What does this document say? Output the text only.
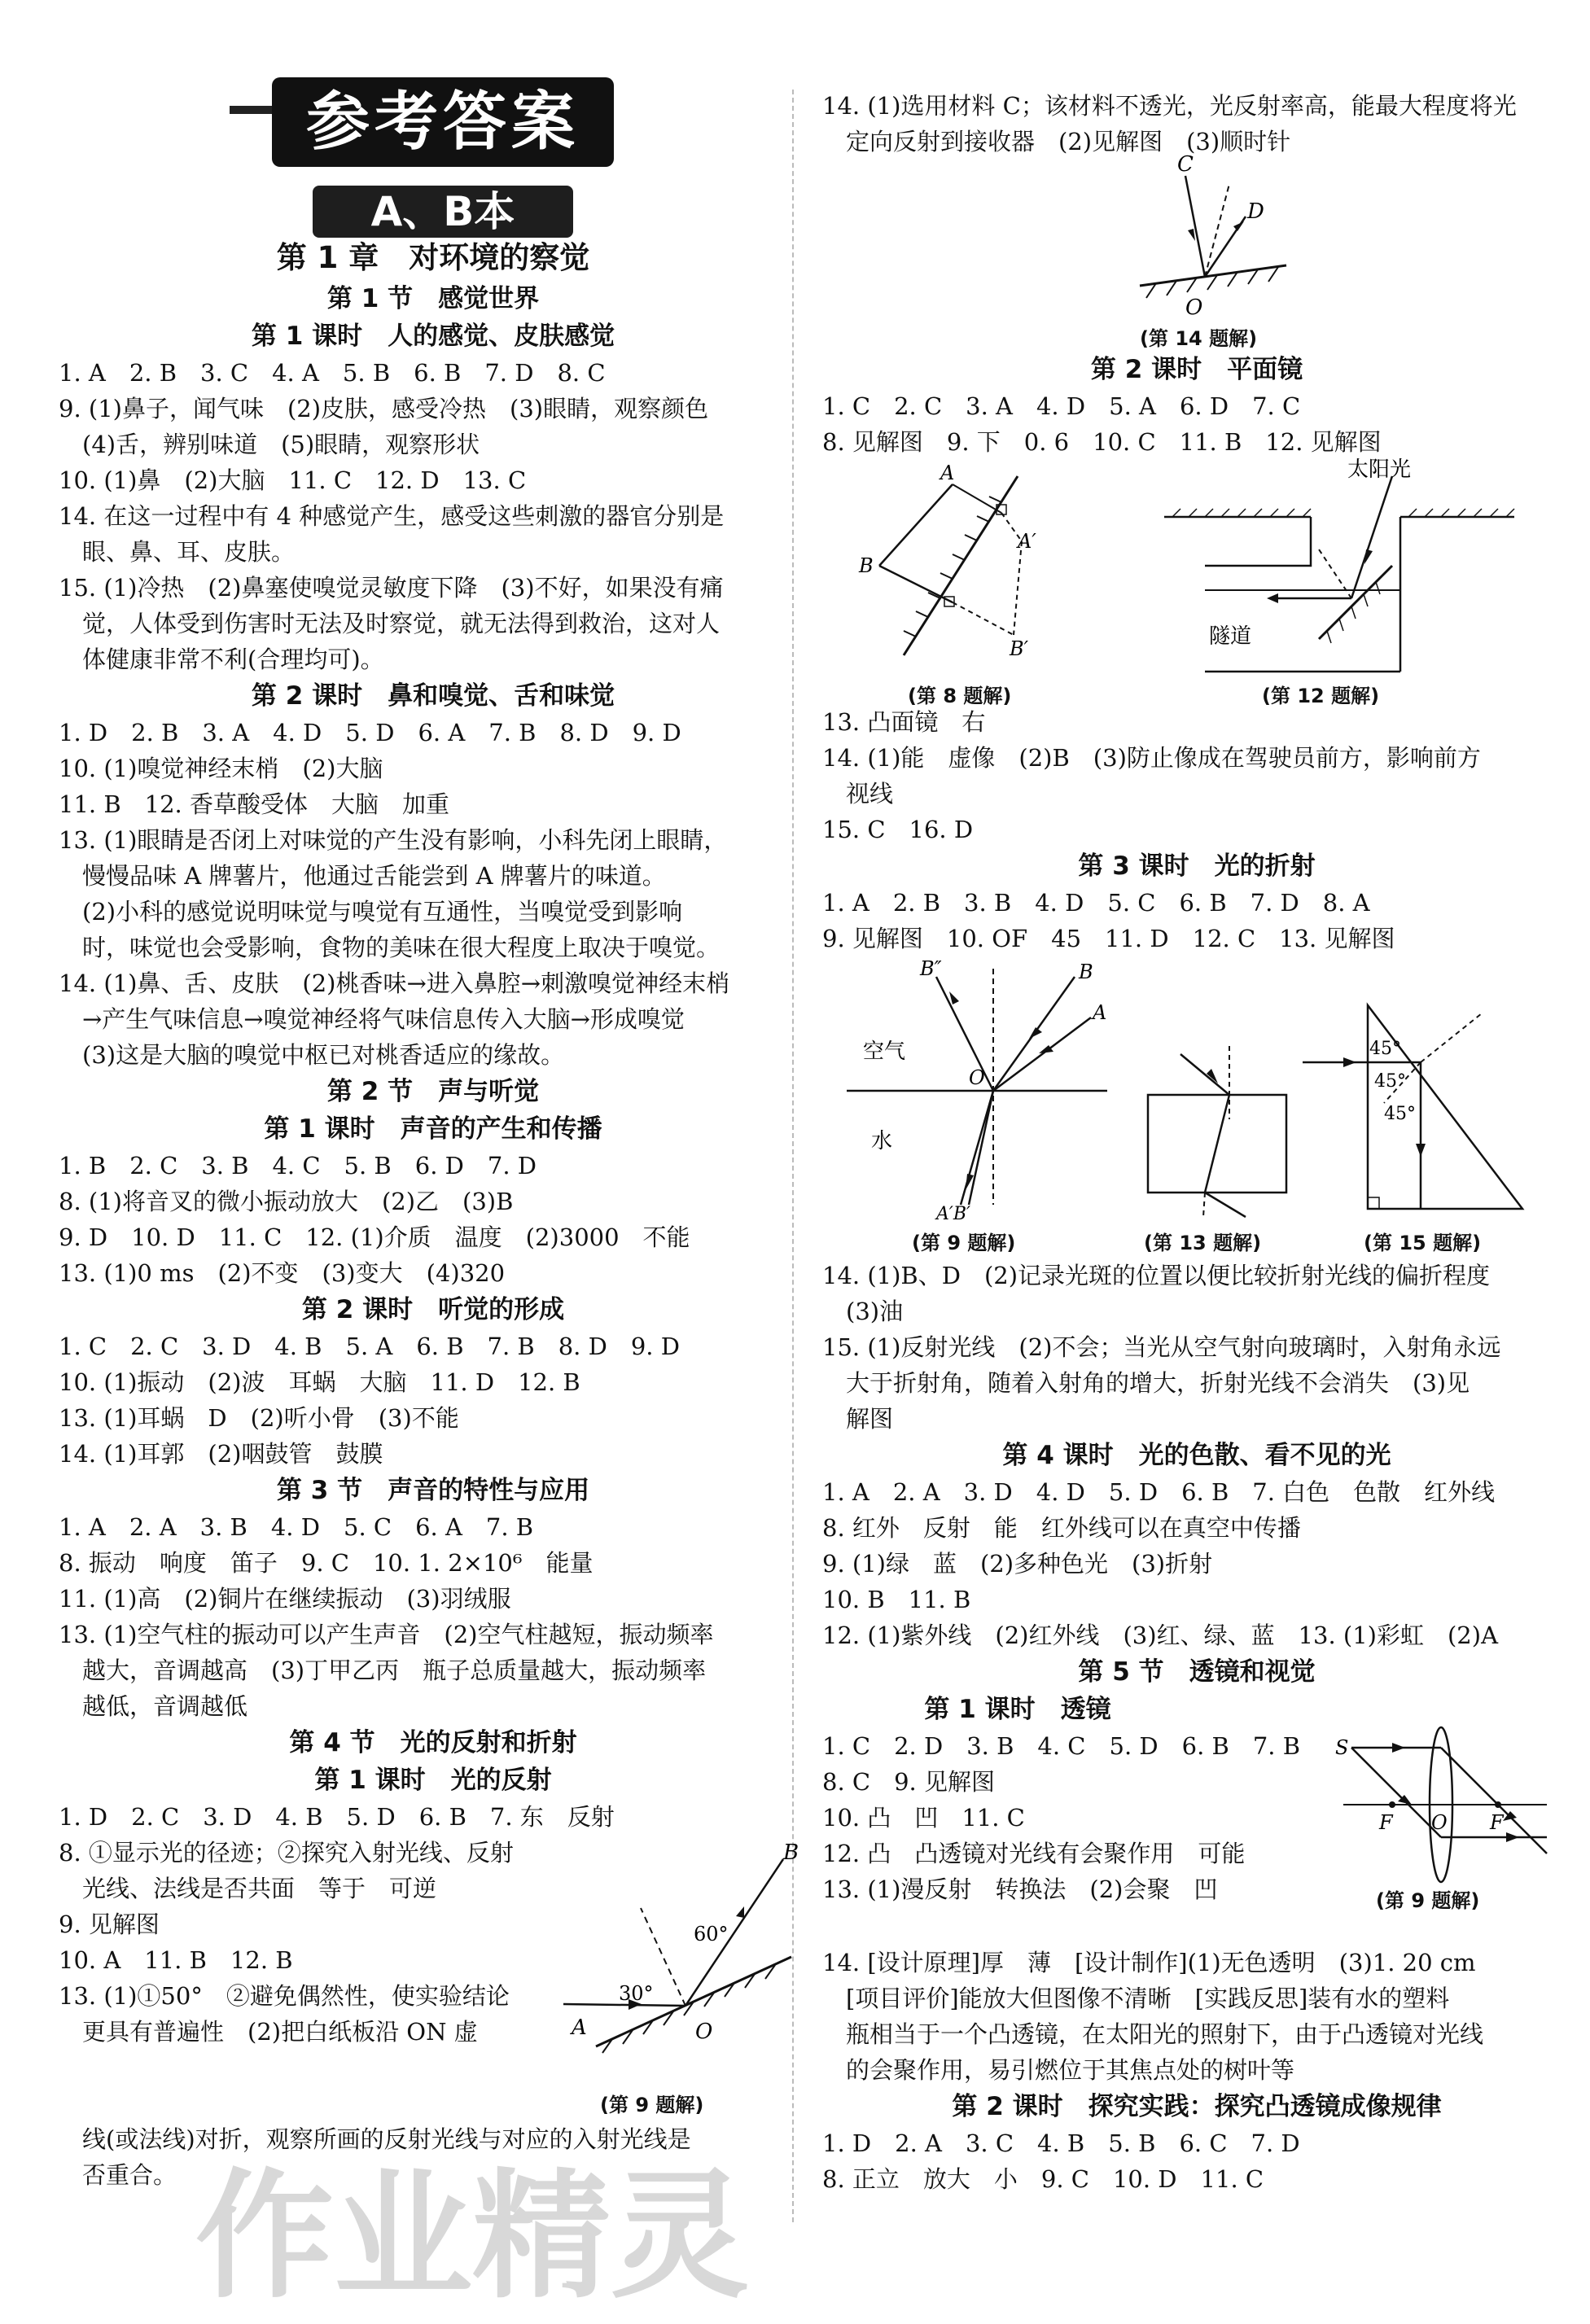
参考答案
A、B本

第 1 章　对环境的察觉

第 1 节　感觉世界

第 1 课时　人的感觉、皮肤感觉

1. A　2. B　3. C　4. A　5. B　6. B　7. D　8. C

9. (1)鼻子，闻气味　(2)皮肤，感受冷热　(3)眼睛，观察颜色

　(4)舌，辨别味道　(5)眼睛，观察形状

10. (1)鼻　(2)大脑　11. C　12. D　13. C

14. 在这一过程中有 4 种感觉产生，感受这些刺激的器官分别是

　眼、鼻、耳、皮肤。

15. (1)冷热　(2)鼻塞使嗅觉灵敏度下降　(3)不好，如果没有痛

　觉，人体受到伤害时无法及时察觉，就无法得到救治，这对人

　体健康非常不利(合理均可)。

第 2 课时　鼻和嗅觉、舌和味觉

1. D　2. B　3. A　4. D　5. D　6. A　7. B　8. D　9. D

10. (1)嗅觉神经末梢　(2)大脑

11. B　12. 香草酸受体　大脑　加重

13. (1)眼睛是否闭上对味觉的产生没有影响，小科先闭上眼睛，

　慢慢品味 A 牌薯片，他通过舌能尝到 A 牌薯片的味道。

　(2)小科的感觉说明味觉与嗅觉有互通性，当嗅觉受到影响

　时，味觉也会受影响，食物的美味在很大程度上取决于嗅觉。

14. (1)鼻、舌、皮肤　(2)桃香味→进入鼻腔→刺激嗅觉神经末梢

　→产生气味信息→嗅觉神经将气味信息传入大脑→形成嗅觉

　(3)这是大脑的嗅觉中枢已对桃香适应的缘故。

第 2 节　声与听觉

第 1 课时　声音的产生和传播

1. B　2. C　3. B　4. C　5. B　6. D　7. D

8. (1)将音叉的微小振动放大　(2)乙　(3)B

9. D　10. D　11. C　12. (1)介质　温度　(2)3000　不能

13. (1)0 ms　(2)不变　(3)变大　(4)320

第 2 课时　听觉的形成

1. C　2. C　3. D　4. B　5. A　6. B　7. B　8. D　9. D

10. (1)振动　(2)波　耳蜗　大脑　11. D　12. B

13. (1)耳蜗　D　(2)听小骨　(3)不能

14. (1)耳郭　(2)咽鼓管　鼓膜

第 3 节　声音的特性与应用

1. A　2. A　3. B　4. D　5. C　6. A　7. B

8. 振动　响度　笛子　9. C　10. 1. 2×10⁶　能量

11. (1)高　(2)铜片在继续振动　(3)羽绒服

13. (1)空气柱的振动可以产生声音　(2)空气柱越短，振动频率

　越大，音调越高　(3)丁甲乙丙　瓶子总质量越大，振动频率

　越低，音调越低

第 4 节　光的反射和折射

第 1 课时　光的反射

1. D　2. C　3. D　4. B　5. D　6. B　7. 东　反射

8. ①显示光的径迹；②探究入射光线、反射

　光线、法线是否共面　等于　可逆

9. 见解图

10. A　11. B　12. B

13. (1)①50°　②避免偶然性，使实验结论

　更具有普遍性　(2)把白纸板沿 ON 虚	A
B
O
60°
30°
(第 9 题解)

　线(或法线)对折，观察所画的反射光线与对应的入射光线是

　否重合。

14. (1)选用材料 C；该材料不透光，光反射率高，能最大程度将光

　定向反射到接收器　(2)见解图　(3)顺时针

C
D
O
(第 14 题解)

第 2 课时　平面镜

1. C　2. C　3. A　4. D　5. A　6. D　7. C

8. 见解图　9. 下　0. 6　10. C　11. B　12. 见解图

A
A′
B
B′
(第 8 题解)
太阳光
隧道
(第 12 题解)

13. 凸面镜　右

14. (1)能　虚像　(2)B　(3)防止像成在驾驶员前方，影响前方

　视线

15. C　16. D

第 3 课时　光的折射

1. A　2. B　3. B　4. D　5. C　6. B　7. D　8. A

9. 见解图　10. OF　45　11. D　12. C　13. 见解图

B″	B
A
空气
水
O
A′B′
(第 9 题解)	(第 13 题解)
45°
45°
45°
(第 15 题解)

14. (1)B、D　(2)记录光斑的位置以便比较折射光线的偏折程度

　(3)油

15. (1)反射光线　(2)不会；当光从空气射向玻璃时，入射角永远

　大于折射角，随着入射角的增大，折射光线不会消失　(3)见

　解图

第 4 课时　光的色散、看不见的光

1. A　2. A　3. D　4. D　5. D　6. B　7. 白色　色散　红外线

8. 红外　反射　能　红外线可以在真空中传播

9. (1)绿　蓝　(2)多种色光　(3)折射

10. B　11. B

12. (1)紫外线　(2)红外线　(3)红、绿、蓝　13. (1)彩虹　(2)A

第 5 节　透镜和视觉

第 1 课时　透镜

1. C　2. D　3. B　4. C　5. D　6. B　7. B

8. C　9. 见解图

10. 凸　凹　11. C

12. 凸　凸透镜对光线有会聚作用　可能

13. (1)漫反射　转换法　(2)会聚　凹

S
F O F
(第 9 题解)

14. [设计原理]厚　薄　[设计制作](1)无色透明　(3)1. 20 cm

　[项目评价]能放大但图像不清晰　[实践反思]装有水的塑料

　瓶相当于一个凸透镜，在太阳光的照射下，由于凸透镜对光线

　的会聚作用，易引燃位于其焦点处的树叶等

第 2 课时　探究实践：探究凸透镜成像规律

1. D　2. A　3. C　4. B　5. B　6. C　7. D

8. 正立　放大　小　9. C　10. D　11. C

作业精灵
